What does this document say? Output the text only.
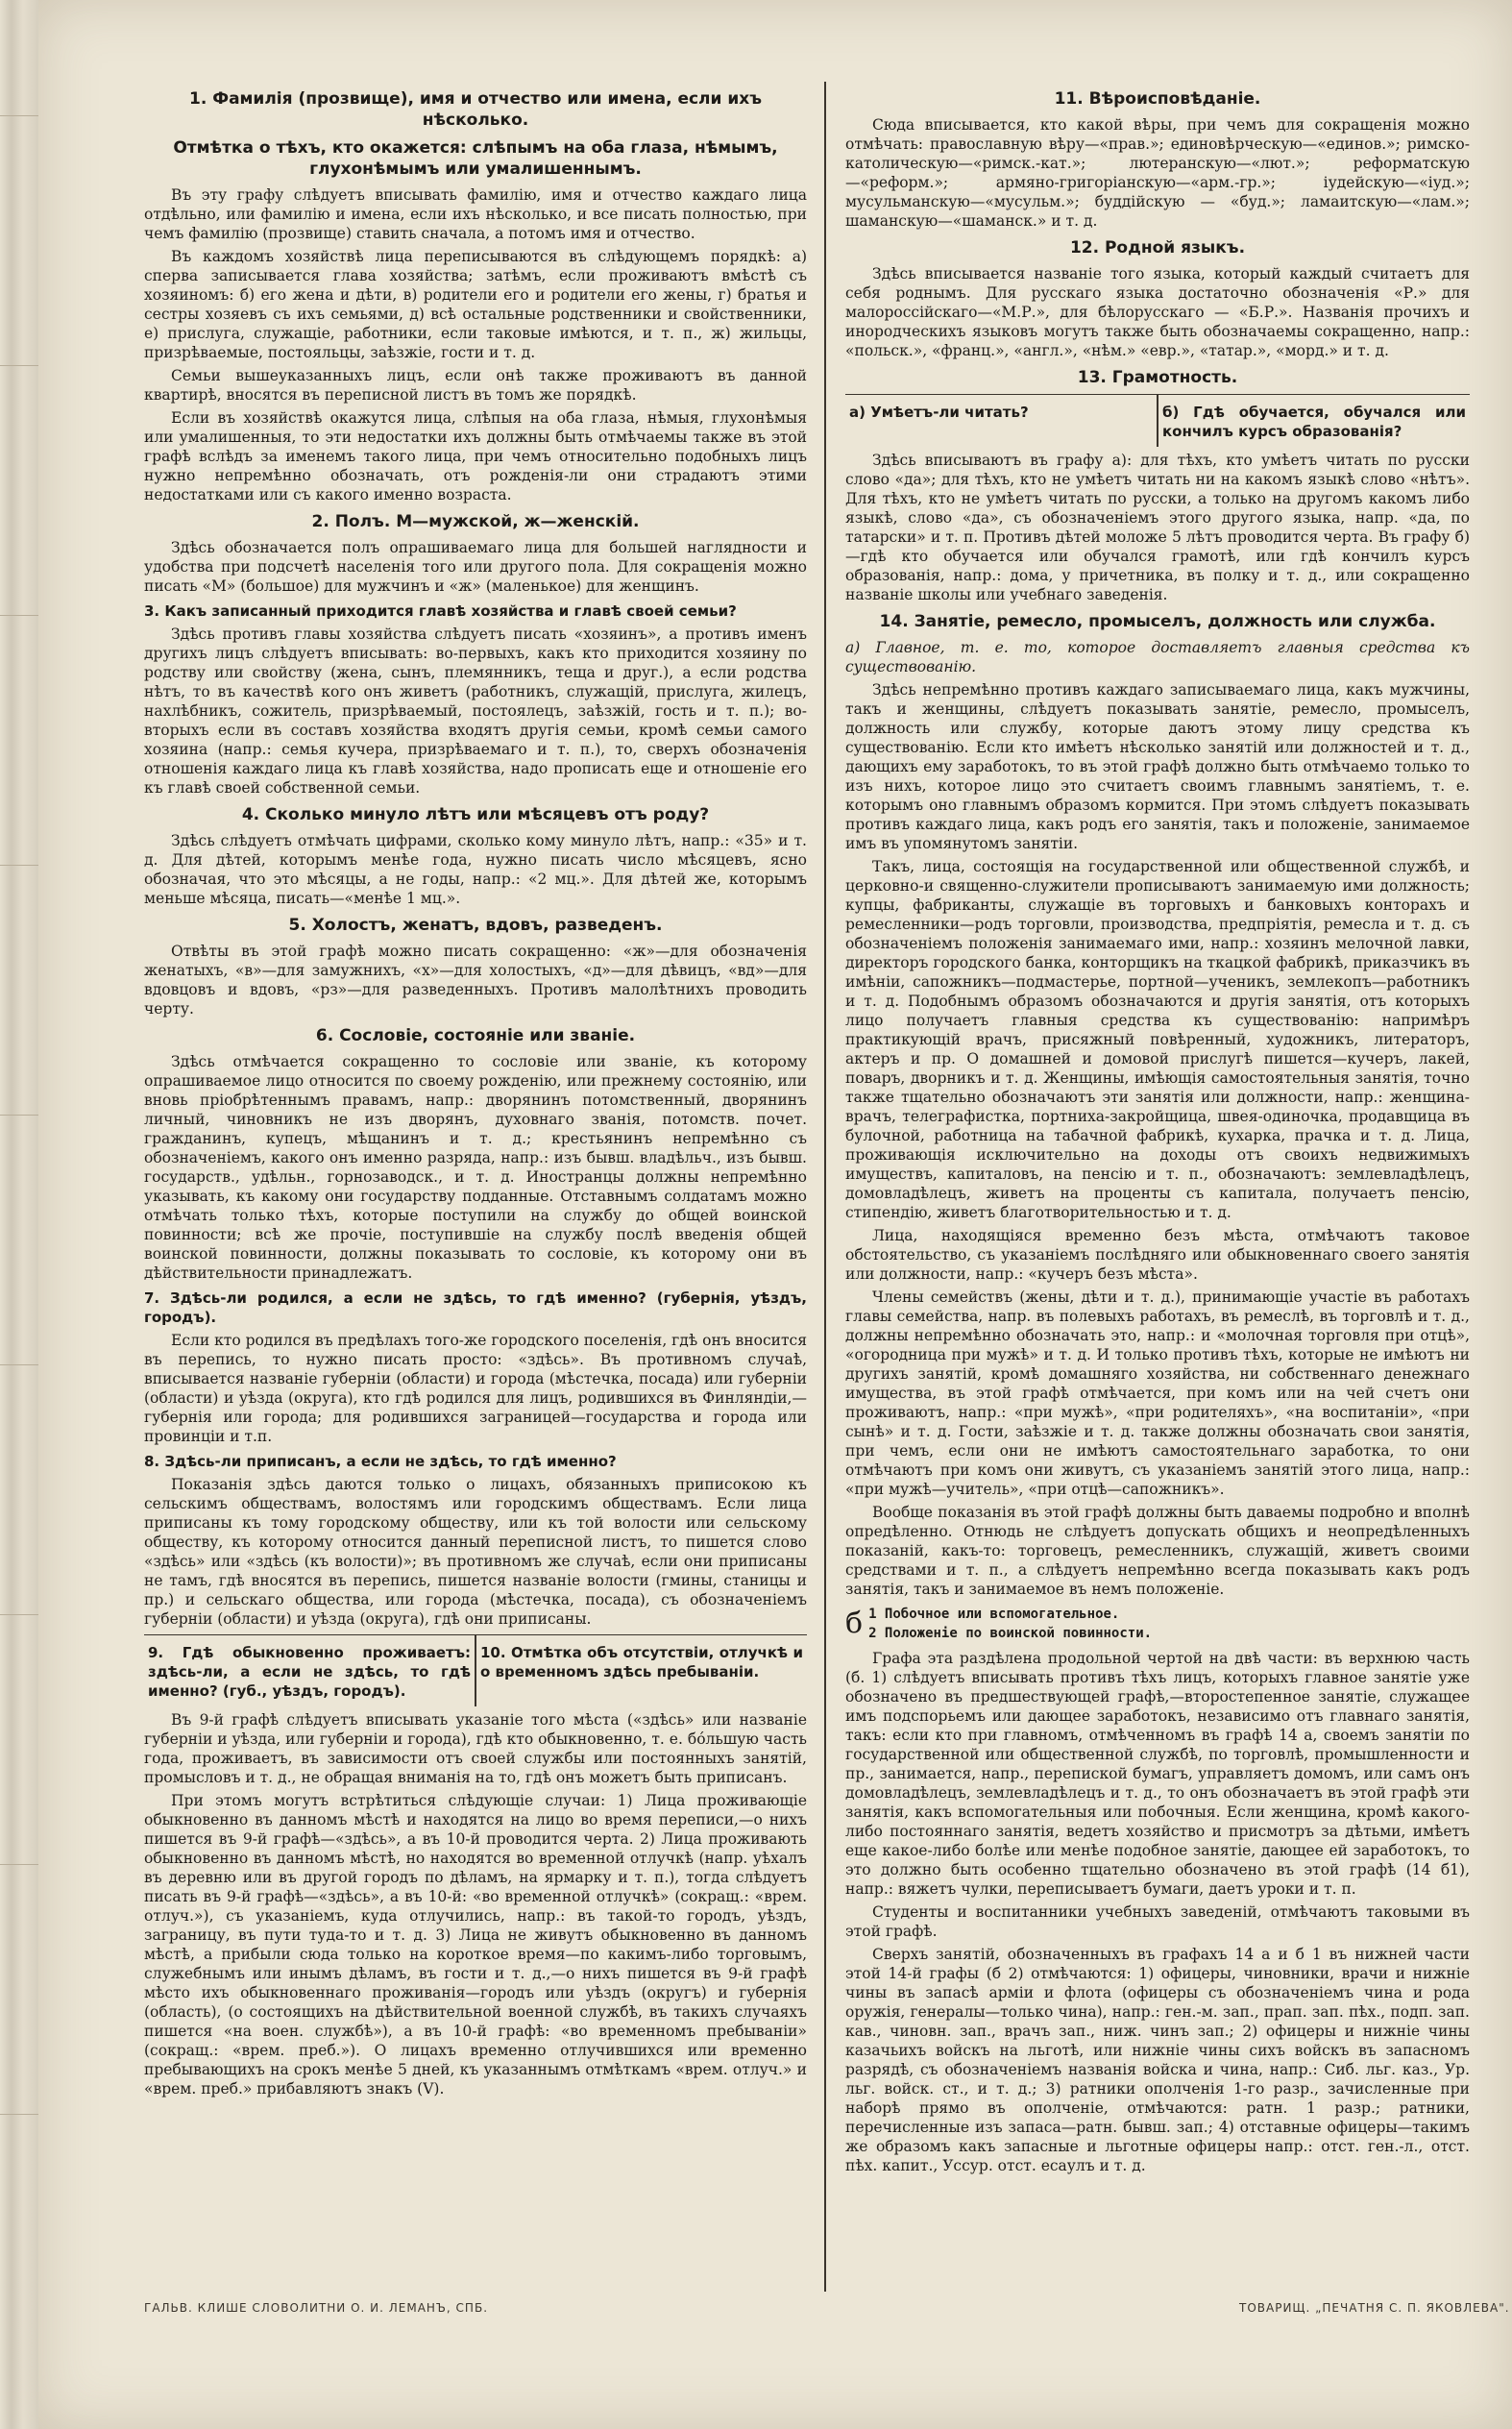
1. Фамилія (прозвище), имя и отчество или имена, если ихъ нѣсколько.
Отмѣтка о тѣхъ, кто окажется: слѣпымъ на оба глаза, нѣмымъ, глухонѣмымъ или умалишеннымъ.

Въ эту графу слѣдуетъ вписывать фамилію, имя и отчество каждаго лица отдѣльно, или фамилію и имена, если ихъ нѣсколько, и все писать полностью, при чемъ фамилію (прозвище) ставить сначала, а потомъ имя и отчество.

Въ каждомъ хозяйствѣ лица переписываются въ слѣдующемъ порядкѣ: а) сперва записывается глава хозяйства; затѣмъ, если проживаютъ вмѣстѣ съ хозяиномъ: б) его жена и дѣти, в) родители его и родители его жены, г) братья и сестры хозяевъ съ ихъ семьями, д) всѣ остальные родственники и свойственники, е) прислуга, служащіе, работники, если таковые имѣются, и т. п., ж) жильцы, призрѣваемые, постояльцы, заѣзжіе, гости и т. д.

Семьи вышеуказанныхъ лицъ, если онѣ также проживаютъ въ данной квартирѣ, вносятся въ переписной листъ въ томъ же порядкѣ.

Если въ хозяйствѣ окажутся лица, слѣпыя на оба глаза, нѣмыя, глухонѣмыя или умалишенныя, то эти недостатки ихъ должны быть отмѣчаемы также въ этой графѣ вслѣдъ за именемъ такого лица, при чемъ относительно подобныхъ лицъ нужно непремѣнно обозначать, отъ рожденія-ли они страдаютъ этими недостатками или съ какого именно возраста.

2. Полъ. М—мужской, ж—женскій.

Здѣсь обозначается полъ опрашиваемаго лица для большей наглядности и удобства при подсчетѣ населенія того или другого пола. Для сокращенія можно писать «М» (большое) для мужчинъ и «ж» (маленькое) для женщинъ.

3. Какъ записанный приходится главѣ хозяйства и главѣ своей семьи?

Здѣсь противъ главы хозяйства слѣдуетъ писать «хозяинъ», а противъ именъ другихъ лицъ слѣдуетъ вписывать: во-первыхъ, какъ кто приходится хозяину по родству или свойству (жена, сынъ, племянникъ, теща и друг.), а если родства нѣтъ, то въ качествѣ кого онъ живетъ (работникъ, служащій, прислуга, жилецъ, нахлѣбникъ, сожитель, призрѣваемый, постоялецъ, заѣзжій, гость и т. п.); во-вторыхъ если въ составъ хозяйства входятъ другія семьи, кромѣ семьи самого хозяина (напр.: семья кучера, призрѣваемаго и т. п.), то, сверхъ обозначенія отношенія каждаго лица къ главѣ хозяйства, надо прописать еще и отношеніе его къ главѣ своей собственной семьи.

4. Сколько минуло лѣтъ или мѣсяцевъ отъ роду?

Здѣсь слѣдуетъ отмѣчать цифрами, сколько кому минуло лѣтъ, напр.: «35» и т. д. Для дѣтей, которымъ менѣе года, нужно писать число мѣсяцевъ, ясно обозначая, что это мѣсяцы, а не годы, напр.: «2 мц.». Для дѣтей же, которымъ меньше мѣсяца, писать—«менѣе 1 мц.».

5. Холостъ, женатъ, вдовъ, разведенъ.

Отвѣты въ этой графѣ можно писать сокращенно: «ж»—для обозначенія женатыхъ, «в»—для замужнихъ, «х»—для холостыхъ, «д»—для дѣвицъ, «вд»—для вдовцовъ и вдовъ, «рз»—для разведенныхъ. Противъ малолѣтнихъ проводить черту.

6. Сословіе, состояніе или званіе.

Здѣсь отмѣчается сокращенно то сословіе или званіе, къ которому опрашиваемое лицо относится по своему рожденію, или прежнему состоянію, или вновь пріобрѣтеннымъ правамъ, напр.: дворянинъ потомственный, дворянинъ личный, чиновникъ не изъ дворянъ, духовнаго званія, потомств. почет. гражданинъ, купецъ, мѣщанинъ и т. д.; крестьянинъ непремѣнно съ обозначеніемъ, какого онъ именно разряда, напр.: изъ бывш. владѣльч., изъ бывш. государств., удѣльн., горнозаводск., и т. д. Иностранцы должны непремѣнно указывать, къ какому они государству подданные. Отставнымъ солдатамъ можно отмѣчать только тѣхъ, которые поступили на службу до общей воинской повинности; всѣ же прочіе, поступившіе на службу послѣ введенія общей воинской повинности, должны показывать то сословіе, къ которому они въ дѣйствительности принадлежатъ.

7. Здѣсь-ли родился, а если не здѣсь, то гдѣ именно? (губернія, уѣздъ, городъ).

Если кто родился въ предѣлахъ того-же городского поселенія, гдѣ онъ вносится въ перепись, то нужно писать просто: «здѣсь». Въ противномъ случаѣ, вписывается названіе губерніи (области) и города (мѣстечка, посада) или губерніи (области) и уѣзда (округа), кто гдѣ родился для лицъ, родившихся въ Финляндіи,—губернія или города; для родившихся заграницей—государства и города или провинціи и т.п.

8. Здѣсь-ли приписанъ, а если не здѣсь, то гдѣ именно?

Показанія здѣсь даются только о лицахъ, обязанныхъ приписокою къ сельскимъ обществамъ, волостямъ или городскимъ обществамъ. Если лица приписаны къ тому городскому обществу, или къ той волости или сельскому обществу, къ которому относится данный переписной листъ, то пишется слово «здѣсь» или «здѣсь (къ волости)»; въ противномъ же случаѣ, если они приписаны не тамъ, гдѣ вносятся въ перепись, пишется названіе волости (гмины, станицы и пр.) и сельскаго общества, или города (мѣстечка, посада), съ обозначеніемъ губерніи (области) и уѣзда (округа), гдѣ они приписаны.

9. Гдѣ обыкновенно проживаетъ: здѣсь-ли, а если не здѣсь, то гдѣ именно? (губ., уѣздъ, городъ).
10. Отмѣтка объ отсутствіи, отлучкѣ и о временномъ здѣсь пребываніи.

Въ 9-й графѣ слѣдуетъ вписывать указаніе того мѣста («здѣсь» или названіе губерніи и уѣзда, или губерніи и города), гдѣ кто обыкновенно, т. е. бо́льшую часть года, проживаетъ, въ зависимости отъ своей службы или постоянныхъ занятій, промысловъ и т. д., не обращая вниманія на то, гдѣ онъ можетъ быть приписанъ.

При этомъ могутъ встрѣтиться слѣдующіе случаи: 1) Лица проживающіе обыкновенно въ данномъ мѣстѣ и находятся на лицо во время переписи,—о нихъ пишется въ 9-й графѣ—«здѣсь», а въ 10-й проводится черта. 2) Лица проживають обыкновенно въ данномъ мѣстѣ, но находятся во временной отлучкѣ (напр. уѣхалъ въ деревню или въ другой городъ по дѣламъ, на ярмарку и т. п.), тогда слѣдуетъ писать въ 9-й графѣ—«здѣсь», а въ 10-й: «во временной отлучкѣ» (сокращ.: «врем. отлуч.»), съ указаніемъ, куда отлучились, напр.: въ такой-то городъ, уѣздъ, заграницу, въ пути туда-то и т. д. 3) Лица не живутъ обыкновенно въ данномъ мѣстѣ, а прибыли сюда только на короткое время—по какимъ-либо торговымъ, служебнымъ или инымъ дѣламъ, въ гости и т. д.,—о нихъ пишется въ 9-й графѣ мѣсто ихъ обыкновеннаго проживанія—городъ или уѣздъ (округъ) и губернія (область), (о состоящихъ на дѣйствительной военной службѣ, въ такихъ случаяхъ пишется «на воен. службѣ»), а въ 10-й графѣ: «во временномъ пребываніи» (сокращ.: «врем. преб.»). О лицахъ временно отлучившихся или временно пребывающихъ на срокъ менѣе 5 дней, къ указаннымъ отмѣткамъ «врем. отлуч.» и «врем. преб.» прибавляютъ знакъ (V).

11. Вѣроисповѣданіе.

Сюда вписывается, кто какой вѣры, при чемъ для сокращенія можно отмѣчать: православную вѣру—«прав.»; единовѣрческую—«единов.»; римско-католическую—«римск.-кат.»; лютеранскую—«лют.»; реформатскую—«реформ.»; армяно-григоріанскую—«арм.-гр.»; іудейскую—«іуд.»; мусульманскую—«мусульм.»; буддійскую — «буд.»; ламаитскую—«лам.»; шаманскую—«шаманск.» и т. д.

12. Родной языкъ.

Здѣсь вписывается названіе того языка, который каждый считаетъ для себя роднымъ. Для русскаго языка достаточно обозначенія «Р.» для малороссійскаго—«М.Р.», для бѣлорусскаго — «Б.Р.». Названія прочихъ и инородческихъ языковъ могутъ также быть обозначаемы сокращенно, напр.: «польск.», «франц.», «англ.», «нѣм.» «евр.», «татар.», «морд.» и т. д.

13. Грамотность.
а) Умѣетъ-ли читать?	б) Гдѣ обучается, обучался или кончилъ курсъ образованія?

Здѣсь вписываютъ въ графу а): для тѣхъ, кто умѣетъ читать по русски слово «да»; для тѣхъ, кто не умѣетъ читать ни на какомъ языкѣ слово «нѣтъ». Для тѣхъ, кто не умѣетъ читать по русски, а только на другомъ какомъ либо языкѣ, слово «да», съ обозначеніемъ этого другого языка, напр. «да, по татарски» и т. п. Противъ дѣтей моложе 5 лѣтъ проводится черта. Въ графу б)—гдѣ кто обучается или обучался грамотѣ, или гдѣ кончилъ курсъ образованія, напр.: дома, у причетника, въ полку и т. д., или сокращенно названіе школы или учебнаго заведенія.

14. Занятіе, ремесло, промыселъ, должность или служба.

а) Главное, т. е. то, которое доставляетъ главныя средства къ существованію.

Здѣсь непремѣнно противъ каждаго записываемаго лица, какъ мужчины, такъ и женщины, слѣдуетъ показывать занятіе, ремесло, промыселъ, должность или службу, которые даютъ этому лицу средства къ существованію. Если кто имѣетъ нѣсколько занятій или должностей и т. д., дающихъ ему заработокъ, то въ этой графѣ должно быть отмѣчаемо только то изъ нихъ, которое лицо это считаетъ своимъ главнымъ занятіемъ, т. е. которымъ оно главнымъ образомъ кормится. При этомъ слѣдуетъ показывать противъ каждаго лица, какъ родъ его занятія, такъ и положеніе, занимаемое имъ въ упомянутомъ занятіи.

Такъ, лица, состоящія на государственной или общественной службѣ, и церковно-и священно-служители прописываютъ занимаемую ими должность; купцы, фабриканты, служащіе въ торговыхъ и банковыхъ конторахъ и ремесленники—родъ торговли, производства, предпріятія, ремесла и т. д. съ обозначеніемъ положенія занимаемаго ими, напр.: хозяинъ мелочной лавки, директоръ городского банка, конторщикъ на ткацкой фабрикѣ, приказчикъ въ имѣніи, сапожникъ—подмастерье, портной—ученикъ, землекопъ—работникъ и т. д. Подобнымъ образомъ обозначаются и другія занятія, отъ которыхъ лицо получаетъ главныя средства къ существованію: напримѣръ практикующій врачъ, присяжный повѣренный, художникъ, литераторъ, актеръ и пр. О домашней и домовой прислугѣ пишется—кучеръ, лакей, поваръ, дворникъ и т. д. Женщины, имѣющія самостоятельныя занятія, точно также тщательно обозначаютъ эти занятія или должности, напр.: женщина-врачъ, телеграфистка, портниха-закройщица, швея-одиночка, продавщица въ булочной, работница на табачной фабрикѣ, кухарка, прачка и т. д. Лица, проживающія исключительно на доходы отъ своихъ недвижимыхъ имуществъ, капиталовъ, на пенсію и т. п., обозначаютъ: землевладѣлецъ, домовладѣлецъ, живетъ на проценты съ капитала, получаетъ пенсію, стипендію, живетъ благотворительностью и т. д.

Лица, находящіяся временно безъ мѣста, отмѣчаютъ таковое обстоятельство, съ указаніемъ послѣдняго или обыкновеннаго своего занятія или должности, напр.: «кучеръ безъ мѣста».

Члены семействъ (жены, дѣти и т. д.), принимающіе участіе въ работахъ главы семейства, напр. въ полевыхъ работахъ, въ ремеслѣ, въ торговлѣ и т. д., должны непремѣнно обозначать это, напр.: и «молочная торговля при отцѣ», «огородница при мужѣ» и т. д. И только противъ тѣхъ, которые не имѣютъ ни другихъ занятій, кромѣ домашняго хозяйства, ни собственнаго денежнаго имущества, въ этой графѣ отмѣчается, при комъ или на чей счетъ они проживаютъ, напр.: «при мужѣ», «при родителяхъ», «на воспитаніи», «при сынѣ» и т. д. Гости, заѣзжіе и т. д. также должны обозначать свои занятія, при чемъ, если они не имѣютъ самостоятельнаго заработка, то они отмѣчаютъ при комъ они живутъ, съ указаніемъ занятій этого лица, напр.: «при мужѣ—учитель», «при отцѣ—сапожникъ».

Вообще показанія въ этой графѣ должны быть даваемы подробно и вполнѣ опредѣленно. Отнюдь не слѣдуетъ допускать общихъ и неопредѣленныхъ показаній, какъ-то: торговецъ, ремесленникъ, служащій, живетъ своими средствами и т. п., а слѣдуетъ непремѣнно всегда показывать какъ родъ занятія, такъ и занимаемое въ немъ положеніе.

б 1 Побочное или вспомогательное.
2 Положеніе по воинской повинности.

Графа эта раздѣлена продольной чертой на двѣ части: въ верхнюю часть (б. 1) слѣдуетъ вписывать противъ тѣхъ лицъ, которыхъ главное занятіе уже обозначено въ предшествующей графѣ,—второстепенное занятіе, служащее имъ подспорьемъ или дающее заработокъ, независимо отъ главнаго занятія, такъ: если кто при главномъ, отмѣченномъ въ графѣ 14 а, своемъ занятіи по государственной или общественной службѣ, по торговлѣ, промышленности и пр., занимается, напр., перепиской бумагъ, управляетъ домомъ, или самъ онъ домовладѣлецъ, землевладѣлецъ и т. д., то онъ обозначаетъ въ этой графѣ эти занятія, какъ вспомогательныя или побочныя. Если женщина, кромѣ какого-либо постояннаго занятія, ведетъ хозяйство и присмотръ за дѣтьми, имѣетъ еще какое-либо болѣе или менѣе подобное занятіе, дающее ей заработокъ, то это должно быть особенно тщательно обозначено въ этой графѣ (14 б1), напр.: вяжетъ чулки, переписываетъ бумаги, даетъ уроки и т. п.

Студенты и воспитанники учебныхъ заведеній, отмѣчаютъ таковыми въ этой графѣ.

Сверхъ занятій, обозначенныхъ въ графахъ 14 а и б 1 въ нижней части этой 14-й графы (б 2) отмѣчаются: 1) офицеры, чиновники, врачи и нижніе чины въ запасѣ арміи и флота (офицеры съ обозначеніемъ чина и рода оружія, генералы—только чина), напр.: ген.-м. зап., прап. зап. пѣх., подп. зап. кав., чиновн. зап., врачъ зап., ниж. чинъ зап.; 2) офицеры и нижніе чины казачьихъ войскъ на льготѣ, или нижніе чины сихъ войскъ въ запасномъ разрядѣ, съ обозначеніемъ названія войска и чина, напр.: Сиб. льг. каз., Ур. льг. войск. ст., и т. д.; 3) ратники ополченія 1-го разр., зачисленные при наборѣ прямо въ ополченіе, отмѣчаются: ратн. 1 разр.; ратники, перечисленные изъ запаса—ратн. бывш. зап.; 4) отставные офицеры—такимъ же образомъ какъ запасные и льготные офицеры напр.: отст. ген.-л., отст. пѣх. капит., Уссур. отст. есаулъ и т. д.

ГАЛЬВ. КЛИШЕ СЛОВОЛИТНИ О. И. ЛЕМАНЪ, СПБ.	ТОВАРИЩ. „ПЕЧАТНЯ С. П. ЯКОВЛЕВА".
